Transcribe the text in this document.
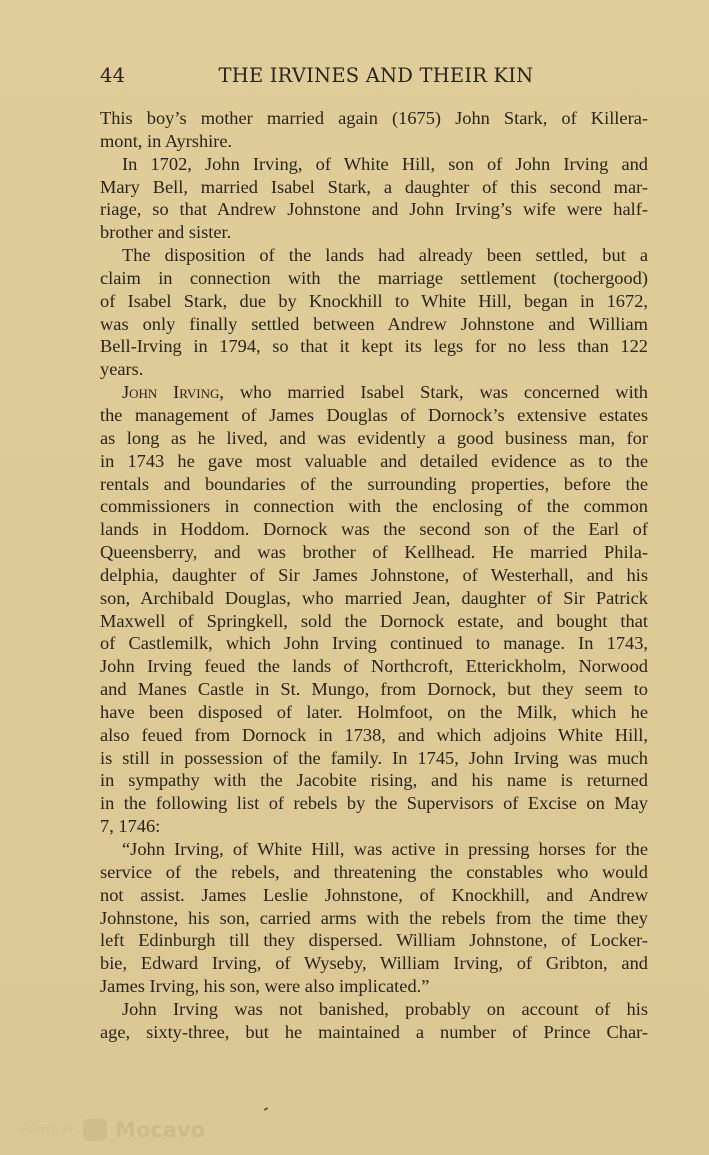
44	THE IRVINES AND THEIR KIN
This boy’s mother married again (1675) John Stark, of Killera-
mont, in Ayrshire.
In 1702, John Irving, of White Hill, son of John Irving and
Mary Bell, married Isabel Stark, a daughter of this second mar-
riage, so that Andrew Johnstone and John Irving’s wife were half-
brother and sister.
The disposition of the lands had already been settled, but a
claim in connection with the marriage settlement (tochergood)
of Isabel Stark, due by Knockhill to White Hill, began in 1672,
was only finally settled between Andrew Johnstone and William
Bell-Irving in 1794, so that it kept its legs for no less than 122
years.
John Irving, who married Isabel Stark, was concerned with
the management of James Douglas of Dornock’s extensive estates
as long as he lived, and was evidently a good business man, for
in 1743 he gave most valuable and detailed evidence as to the
rentals and boundaries of the surrounding properties, before the
commissioners in connection with the enclosing of the common
lands in Hoddom. Dornock was the second son of the Earl of
Queensberry, and was brother of Kellhead. He married Phila-
delphia, daughter of Sir James Johnstone, of Westerhall, and his
son, Archibald Douglas, who married Jean, daughter of Sir Patrick
Maxwell of Springkell, sold the Dornock estate, and bought that
of Castlemilk, which John Irving continued to manage. In 1743,
John Irving feued the lands of Northcroft, Etterickholm, Norwood
and Manes Castle in St. Mungo, from Dornock, but they seem to
have been disposed of later. Holmfoot, on the Milk, which he
also feued from Dornock in 1738, and which adjoins White Hill,
is still in possession of the family. In 1745, John Irving was much
in sympathy with the Jacobite rising, and his name is returned
in the following list of rebels by the Supervisors of Excise on May
7, 1746:
“John Irving, of White Hill, was active in pressing horses for the
service of the rebels, and threatening the constables who would
not assist. James Leslie Johnstone, of Knockhill, and Andrew
Johnstone, his son, carried arms with the rebels from the time they
left Edinburgh till they dispersed. William Johnstone, of Locker-
bie, Edward Irving, of Wyseby, William Irving, of Gribton, and
James Irving, his son, were also implicated.”
John Irving was not banished, probably on account of his
age, sixty-three, but he maintained a number of Prince Char-
HOSTED BY Mocavo
